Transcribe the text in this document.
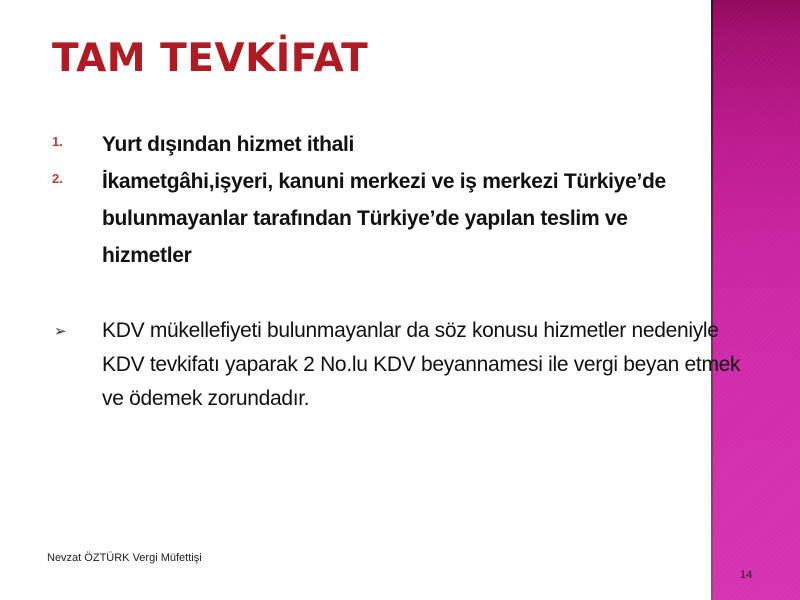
TAM TEVKİFAT
1. Yurt dışından hizmet ithali
2. İkametgâhi,işyeri, kanuni merkezi ve iş merkezi Türkiye’de bulunmayanlar tarafından Türkiye’de yapılan teslim ve hizmetler
➢ KDV mükellefiyeti bulunmayanlar da söz konusu hizmetler nedeniyle KDV tevkifatı yaparak 2 No.lu KDV beyannamesi ile vergi beyan etmek ve ödemek zorundadır.
Nevzat ÖZTÜRK Vergi Müfettişi
14
